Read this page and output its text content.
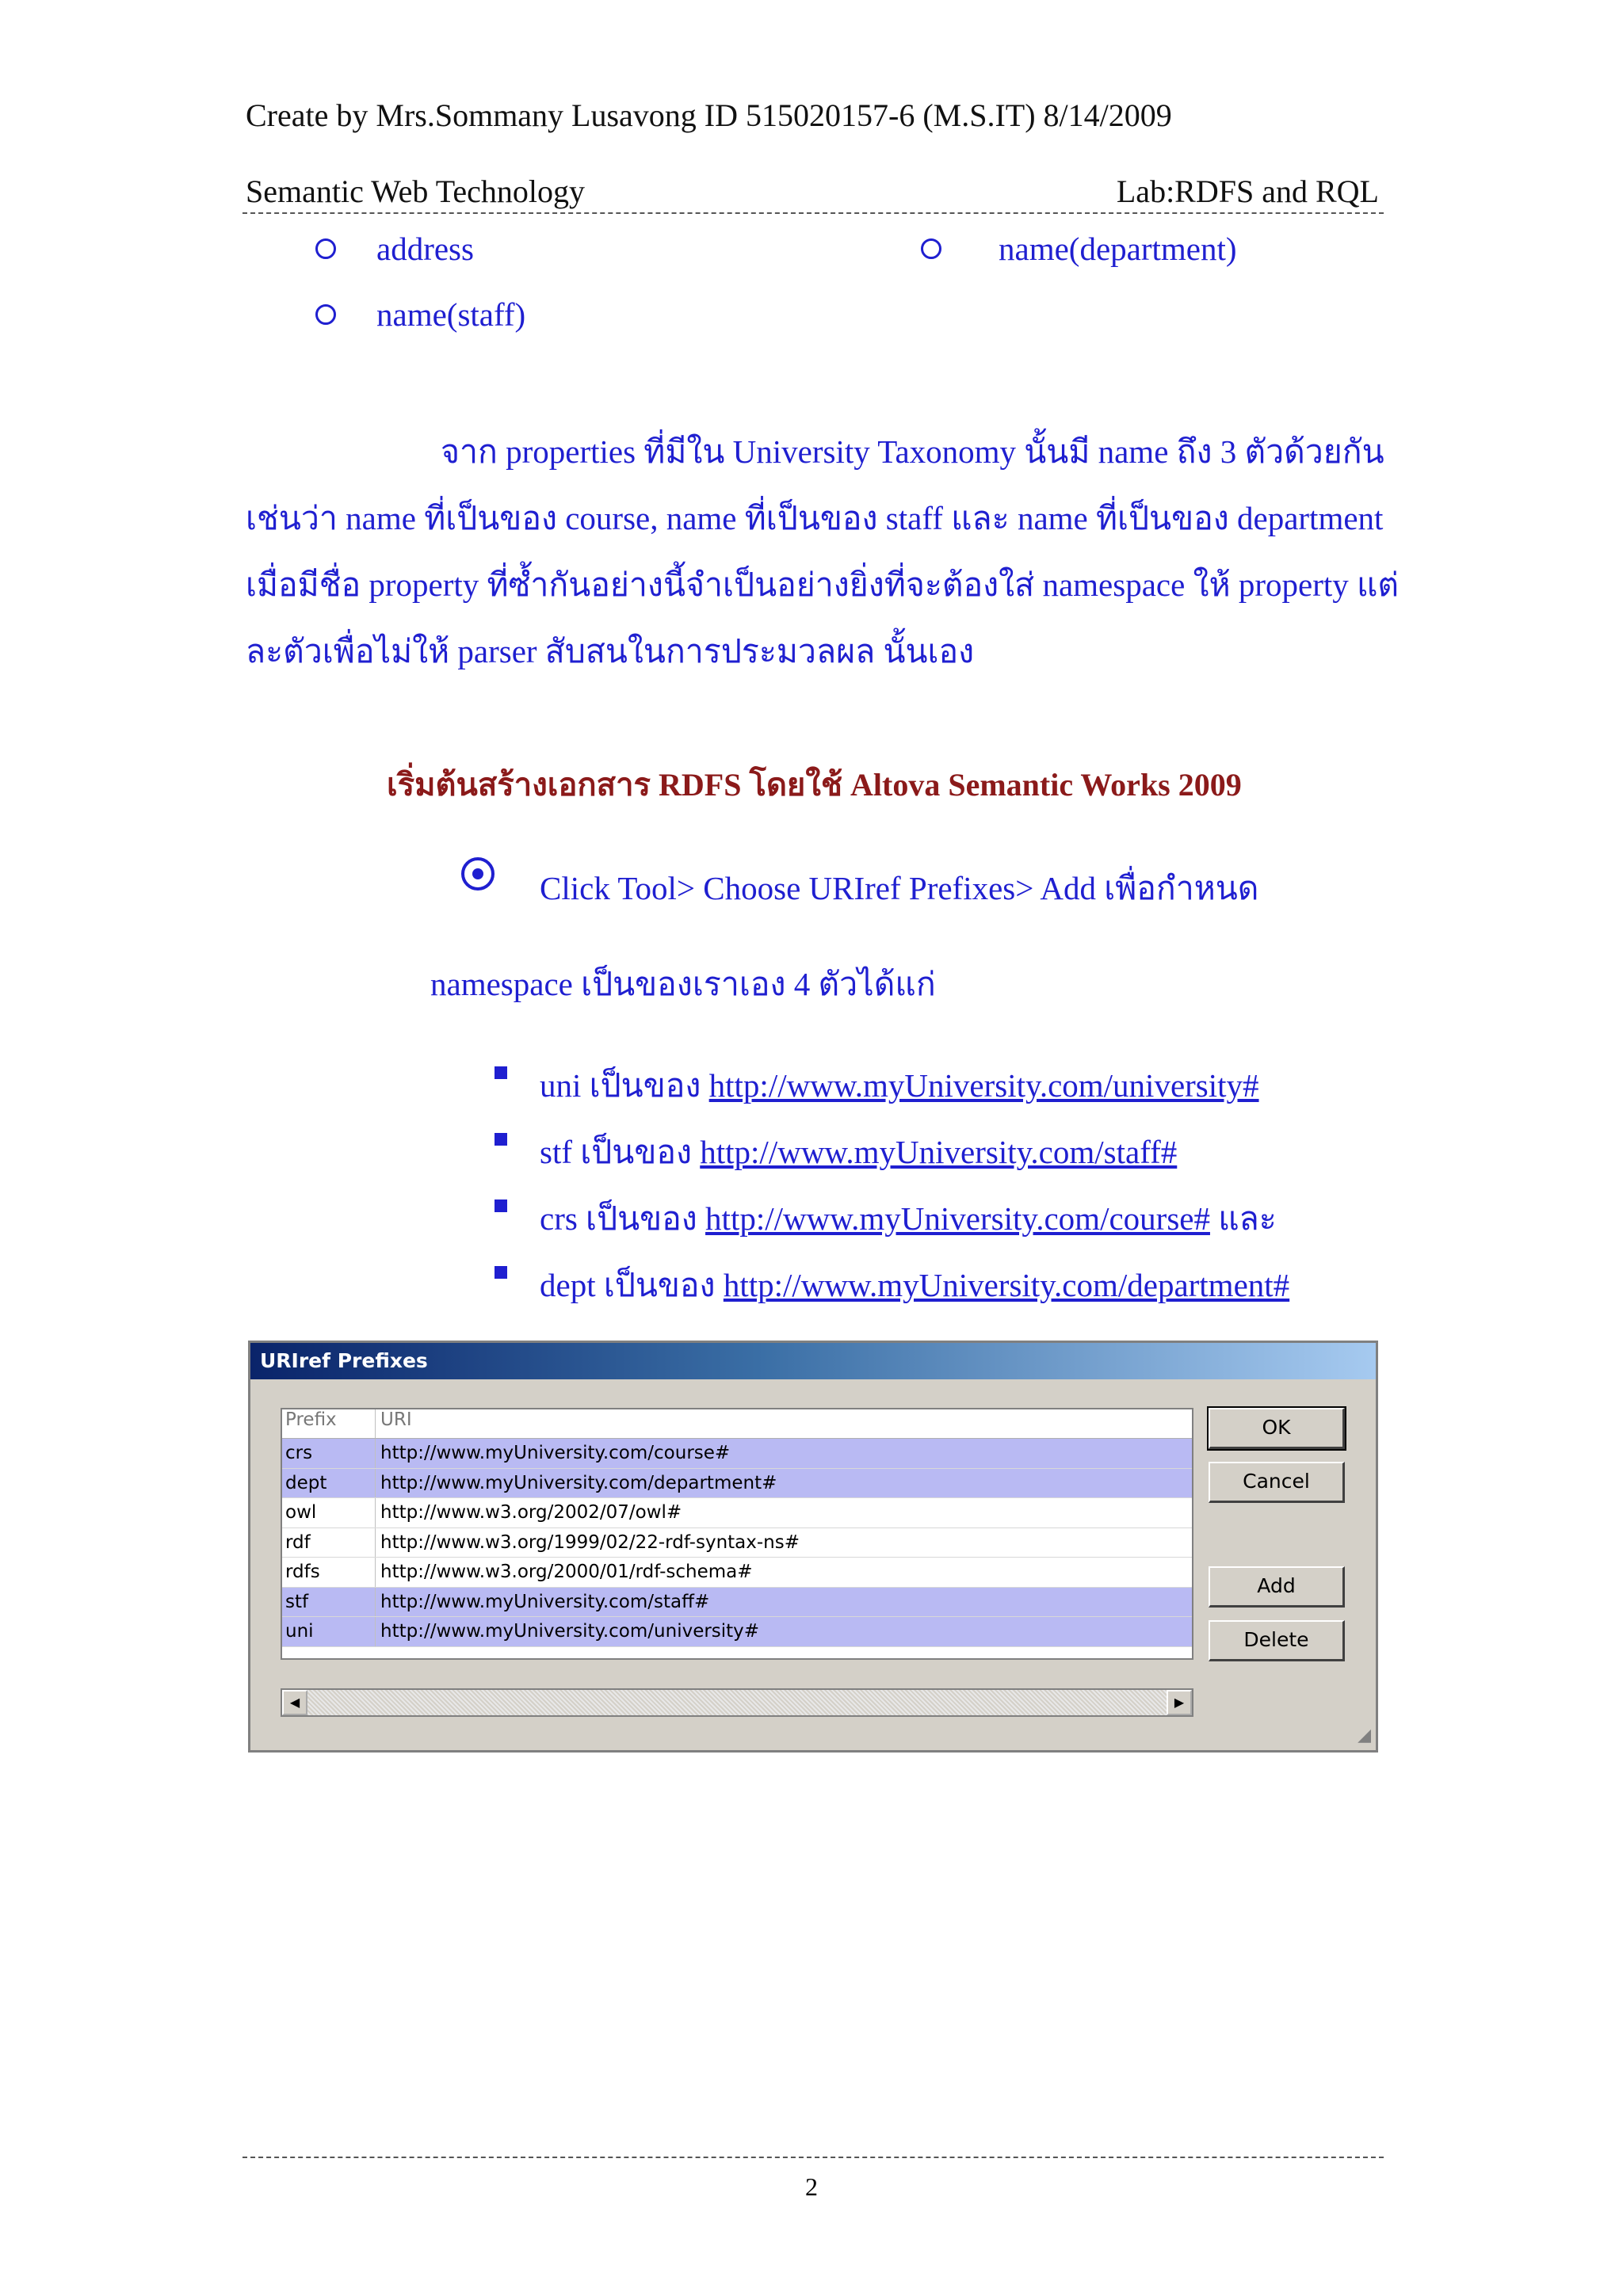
Create by Mrs.Sommany Lusavong ID 515020157-6 (M.S.IT) 8/14/2009
Semantic Web Technology	Lab:RDFS and RQL
address	name(department)
name(staff)
จาก properties ที่มีใน University Taxonomy นั้นมี name ถึง 3 ตัวด้วยกัน
เช่นว่า name ที่เป็นของ course, name ที่เป็นของ staff และ name ที่เป็นของ department
เมื่อมีชื่อ property ที่ซ้ำกันอย่างนี้จำเป็นอย่างยิ่งที่จะต้องใส่ namespace ให้ property แต่
ละตัวเพื่อไม่ให้ parser สับสนในการประมวลผล นั้นเอง
เริ่มต้นสร้างเอกสาร RDFS โดยใช้ Altova Semantic Works 2009
Click Tool> Choose URIref Prefixes> Add เพื่อกำหนด
namespace เป็นของเราเอง 4 ตัวได้แก่
uni เป็นของ http://www.myUniversity.com/university#
stf เป็นของ http://www.myUniversity.com/staff#
crs เป็นของ http://www.myUniversity.com/course# และ
dept เป็นของ http://www.myUniversity.com/department#
URIref Prefixes
Prefix	URI
crs	http://www.myUniversity.com/course#
dept	http://www.myUniversity.com/department#
owl	http://www.w3.org/2002/07/owl#
rdf	http://www.w3.org/1999/02/22-rdf-syntax-ns#
rdfs	http://www.w3.org/2000/01/rdf-schema#
stf	http://www.myUniversity.com/staff#
uni	http://www.myUniversity.com/university#
◀	▶
OK
Cancel
Add
Delete
◢
2
